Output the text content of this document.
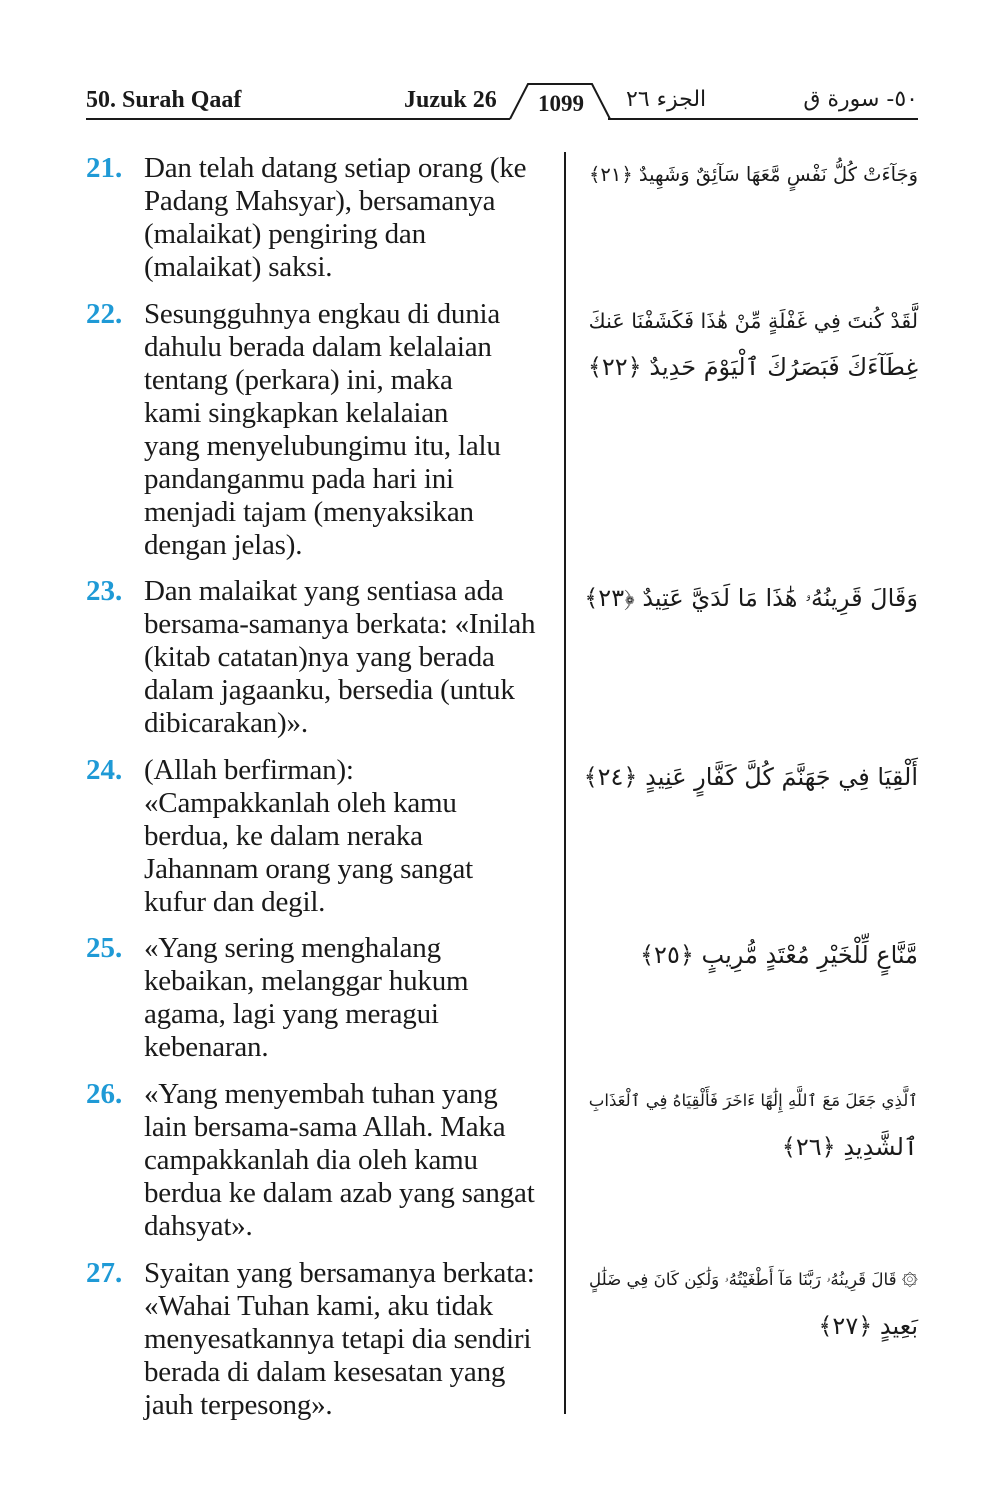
50. Surah Qaaf	Juzuk 26	1099	الجزء ٢٦	٥٠- سورة ق
21. Dan telah datang setiap orang (ke
Padang Mahsyar), bersamanya
(malaikat) pengiring dan
(malaikat) saksi.
وَجَآءَتْ كُلُّ نَفْسٍ مَّعَهَا سَآئِقٌ وَشَهِيدٌ ﴿٢١﴾
22. Sesungguhnya engkau di dunia
dahulu berada dalam kelalaian
tentang (perkara) ini, maka
kami singkapkan kelalaian
yang menyelubungimu itu, lalu
pandanganmu pada hari ini
menjadi tajam (menyaksikan
dengan jelas).
لَّقَدْ كُنتَ فِي غَفْلَةٍ مِّنْ هَٰذَا فَكَشَفْنَا عَنكَ
غِطَآءَكَ فَبَصَرُكَ ٱلْيَوْمَ حَدِيدٌ ﴿٢٢﴾
23. Dan malaikat yang sentiasa ada
bersama-samanya berkata: «Inilah
(kitab catatan)nya yang berada
dalam jagaanku, bersedia (untuk
dibicarakan)».
وَقَالَ قَرِينُهُۥ هَٰذَا مَا لَدَيَّ عَتِيدٌ ﴿٢٣﴾
24. (Allah berfirman):
«Campakkanlah oleh kamu
berdua, ke dalam neraka
Jahannam orang yang sangat
kufur dan degil.
أَلْقِيَا فِي جَهَنَّمَ كُلَّ كَفَّارٍ عَنِيدٍ ﴿٢٤﴾
25. «Yang sering menghalang
kebaikan, melanggar hukum
agama, lagi yang meragui
kebenaran.
مَّنَّاعٍ لِّلْخَيْرِ مُعْتَدٍ مُّرِيبٍ ﴿٢٥﴾
26. «Yang menyembah tuhan yang
lain bersama-sama Allah. Maka
campakkanlah dia oleh kamu
berdua ke dalam azab yang sangat
dahsyat».
ٱلَّذِي جَعَلَ مَعَ ٱللَّهِ إِلَٰهًا ءَاخَرَ فَأَلْقِيَاهُ فِي ٱلْعَذَابِ
ٱلشَّدِيدِ ﴿٢٦﴾
27. Syaitan yang bersamanya berkata:
«Wahai Tuhan kami, aku tidak
menyesatkannya tetapi dia sendiri
berada di dalam kesesatan yang
jauh terpesong».
۞ قَالَ قَرِينُهُۥ رَبَّنَا مَآ أَطْغَيْتُهُۥ وَلَٰكِن كَانَ فِي ضَلَٰلٍ
بَعِيدٍ ﴿٢٧﴾
